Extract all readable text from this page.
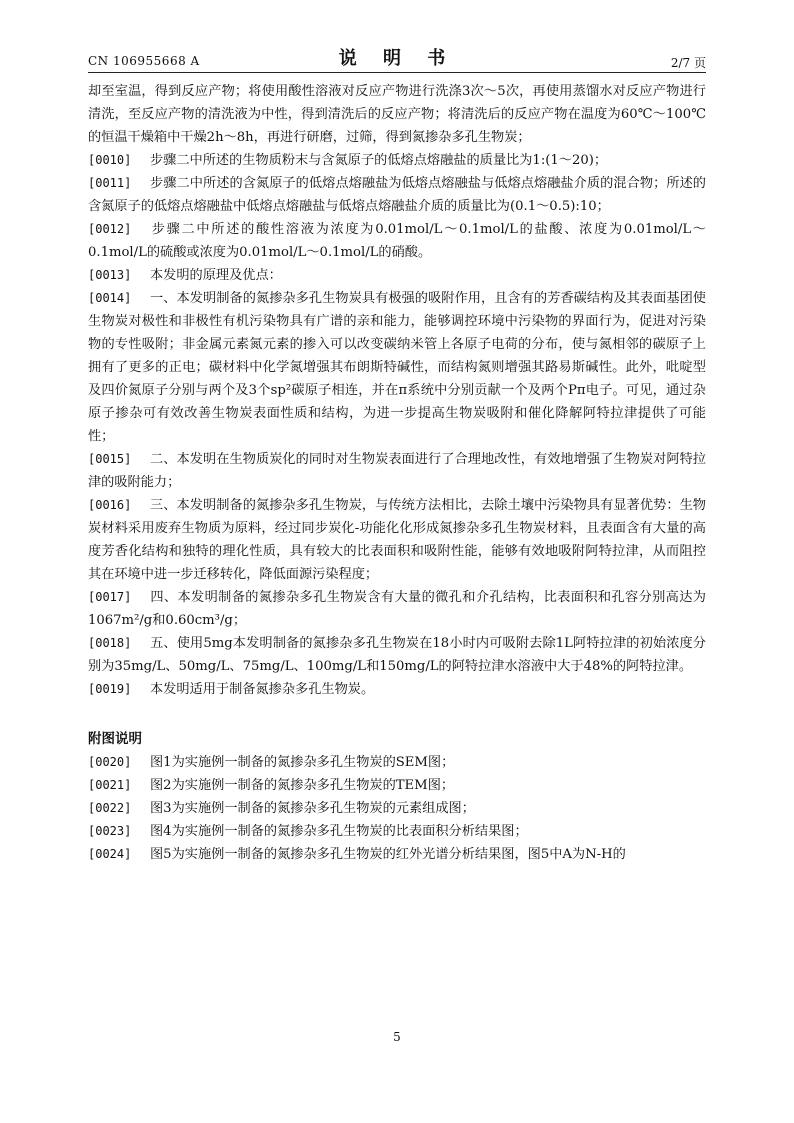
CN 106955668 A	说 明 书	2/7 页

却至室温，得到反应产物；将使用酸性溶液对反应产物进行洗涤3次～5次，再使用蒸馏水对反应产物进行清洗，至反应产物的清洗液为中性，得到清洗后的反应产物；将清洗后的反应产物在温度为60℃～100℃的恒温干燥箱中干燥2h～8h，再进行研磨，过筛，得到氮掺杂多孔生物炭；

[0010] 步骤二中所述的生物质粉末与含氮原子的低熔点熔融盐的质量比为1:(1～20)；

[0011] 步骤二中所述的含氮原子的低熔点熔融盐为低熔点熔融盐与低熔点熔融盐介质的混合物；所述的含氮原子的低熔点熔融盐中低熔点熔融盐与低熔点熔融盐介质的质量比为(0.1～0.5):10；

[0012] 步骤二中所述的酸性溶液为浓度为0.01mol/L～0.1mol/L的盐酸、浓度为0.01mol/L～0.1mol/L的硫酸或浓度为0.01mol/L～0.1mol/L的硝酸。

[0013] 本发明的原理及优点：

[0014] 一、本发明制备的氮掺杂多孔生物炭具有极强的吸附作用，且含有的芳香碳结构及其表面基团使生物炭对极性和非极性有机污染物具有广谱的亲和能力，能够调控环境中污染物的界面行为，促进对污染物的专性吸附；非金属元素氮元素的掺入可以改变碳纳米管上各原子电荷的分布，使与氮相邻的碳原子上拥有了更多的正电；碳材料中化学氮增强其布朗斯特碱性，而结构氮则增强其路易斯碱性。此外，吡啶型及四价氮原子分别与两个及3个sp²碳原子相连，并在π系统中分别贡献一个及两个Pπ电子。可见，通过杂原子掺杂可有效改善生物炭表面性质和结构，为进一步提高生物炭吸附和催化降解阿特拉津提供了可能性；

[0015] 二、本发明在生物质炭化的同时对生物炭表面进行了合理地改性，有效地增强了生物炭对阿特拉津的吸附能力；

[0016] 三、本发明制备的氮掺杂多孔生物炭，与传统方法相比，去除土壤中污染物具有显著优势：生物炭材料采用废弃生物质为原料，经过同步炭化-功能化化形成氮掺杂多孔生物炭材料，且表面含有大量的高度芳香化结构和独特的理化性质，具有较大的比表面积和吸附性能，能够有效地吸附阿特拉津，从而阻控其在环境中进一步迁移转化，降低面源污染程度；

[0017] 四、本发明制备的氮掺杂多孔生物炭含有大量的微孔和介孔结构，比表面积和孔容分别高达为1067m²/g和0.60cm³/g；

[0018] 五、使用5mg本发明制备的氮掺杂多孔生物炭在18小时内可吸附去除1L阿特拉津的初始浓度分别为35mg/L、50mg/L、75mg/L、100mg/L和150mg/L的阿特拉津水溶液中大于48%的阿特拉津。

[0019] 本发明适用于制备氮掺杂多孔生物炭。

附图说明

[0020] 图1为实施例一制备的氮掺杂多孔生物炭的SEM图；

[0021] 图2为实施例一制备的氮掺杂多孔生物炭的TEM图；

[0022] 图3为实施例一制备的氮掺杂多孔生物炭的元素组成图；

[0023] 图4为实施例一制备的氮掺杂多孔生物炭的比表面积分析结果图；

[0024] 图5为实施例一制备的氮掺杂多孔生物炭的红外光谱分析结果图，图5中A为N-H的

5
